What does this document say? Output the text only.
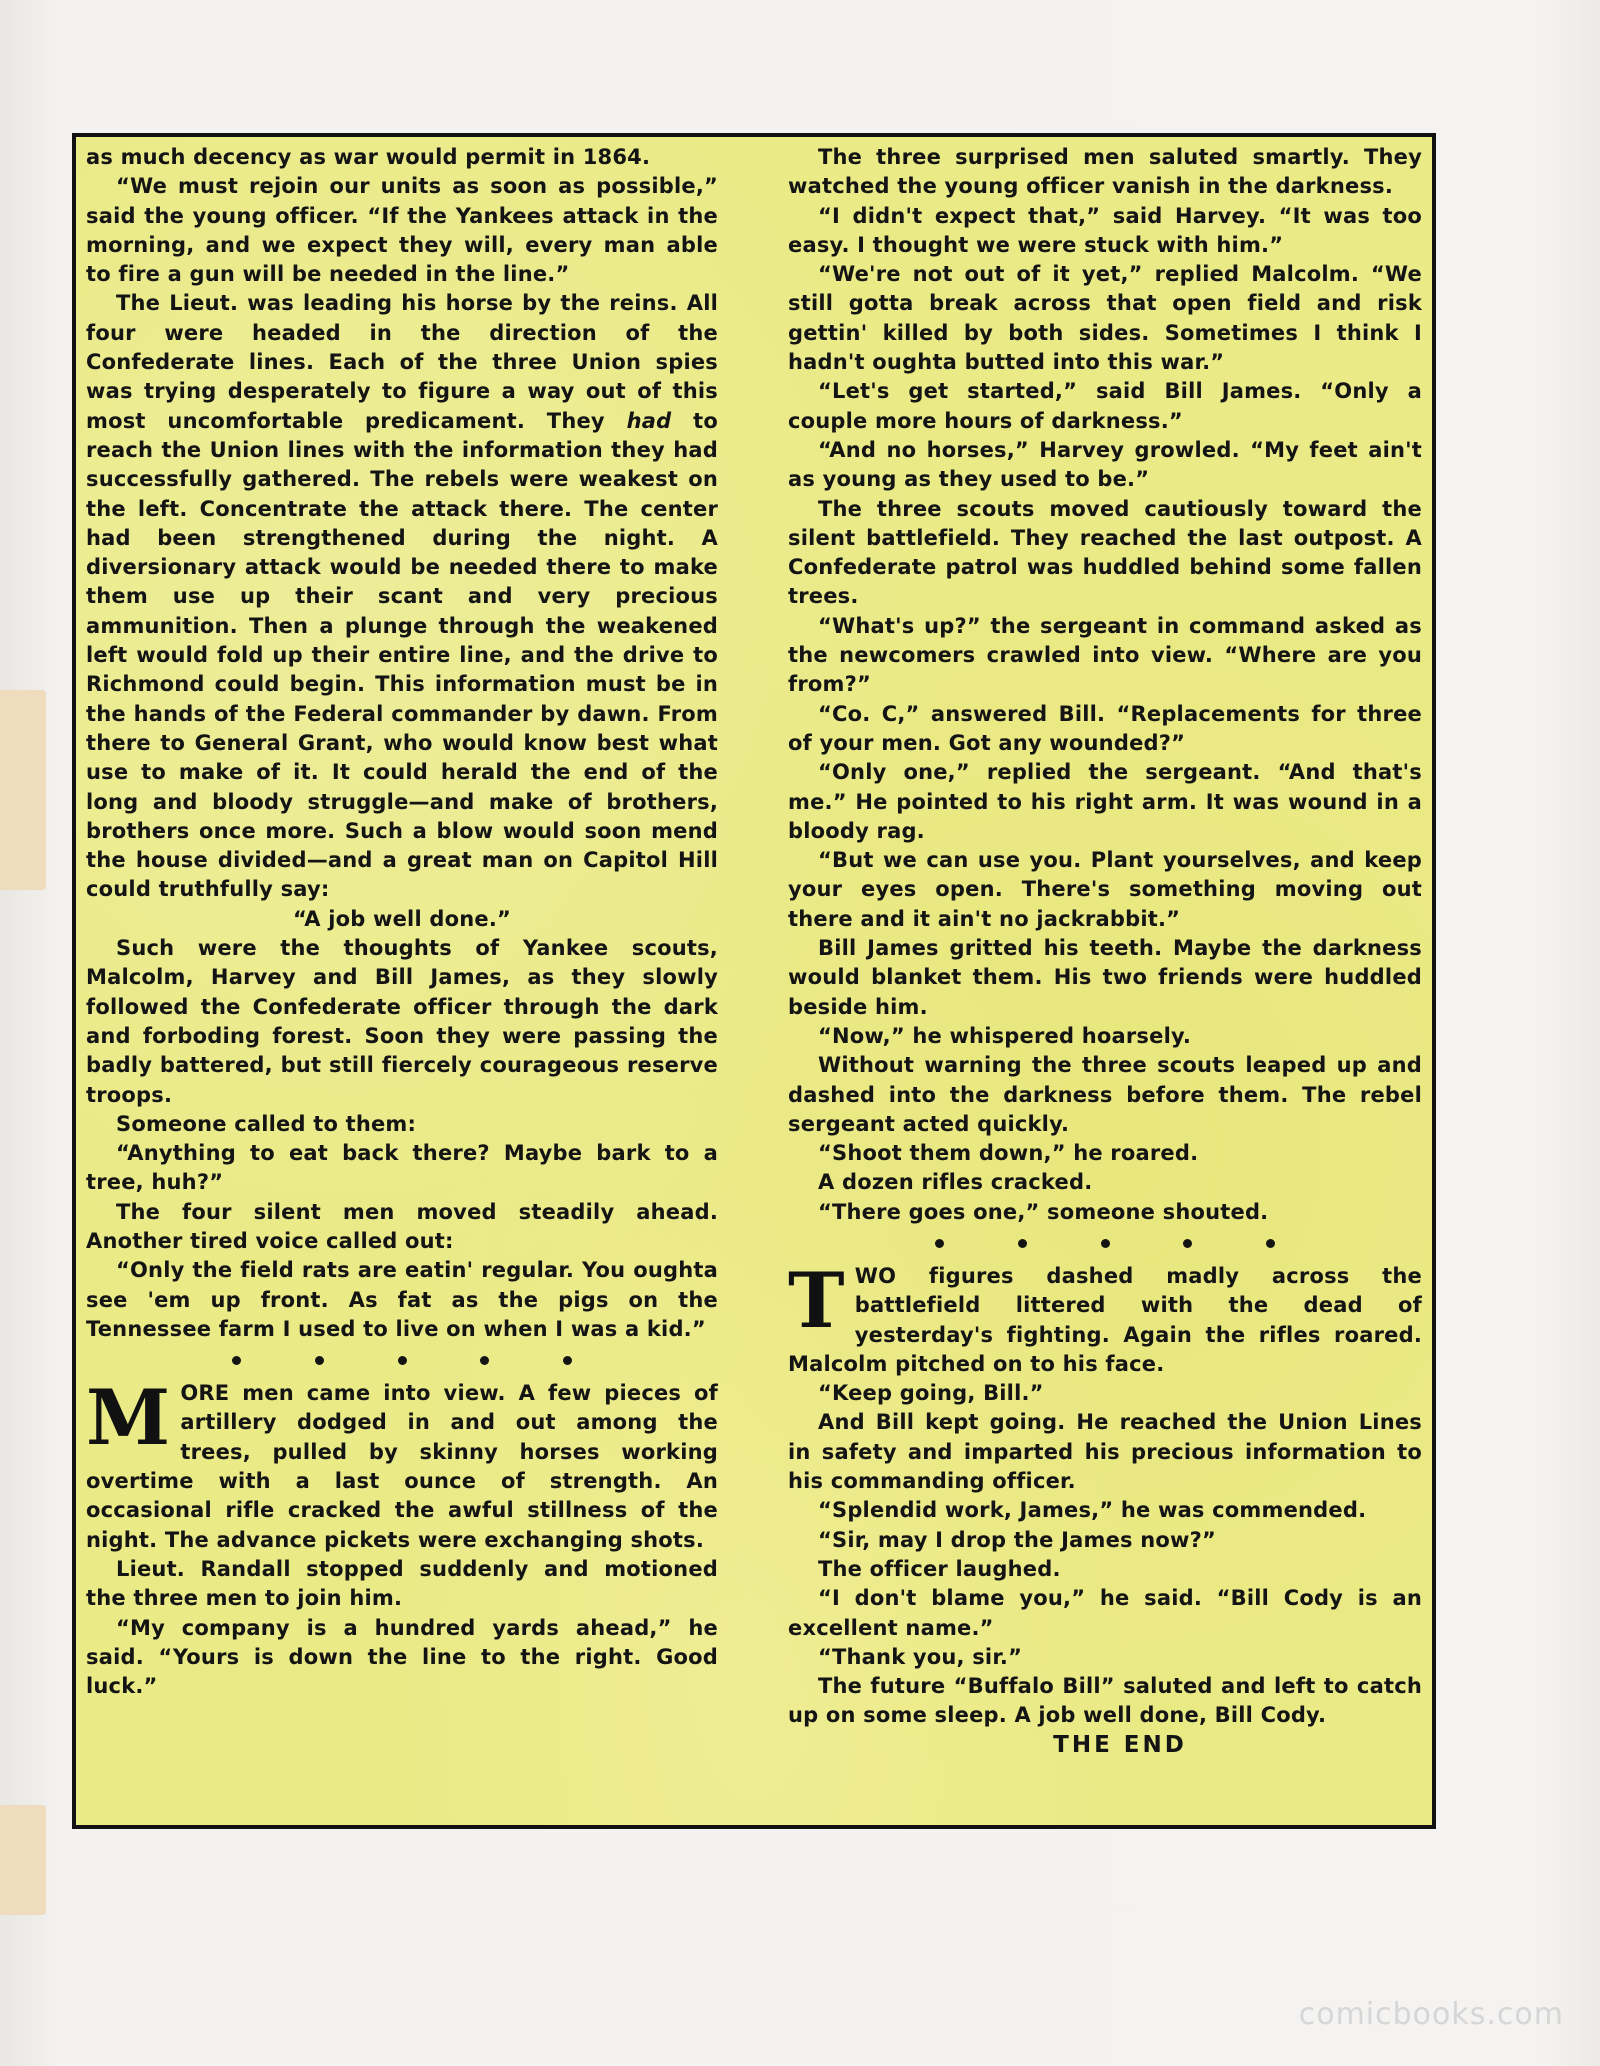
as much decency as war would permit in 1864.

“We must rejoin our units as soon as possible,” said the young officer. “If the Yankees attack in the morning, and we expect they will, every man able to fire a gun will be needed in the line.”

The Lieut. was leading his horse by the reins. All four were headed in the direction of the Confederate lines. Each of the three Union spies was trying desperately to figure a way out of this most uncomfortable predicament. They had to reach the Union lines with the information they had successfully gathered. The rebels were weakest on the left. Concentrate the attack there. The center had been strengthened during the night. A diversionary attack would be needed there to make them use up their scant and very precious ammunition. Then a plunge through the weakened left would fold up their entire line, and the drive to Richmond could begin. This information must be in the hands of the Federal commander by dawn. From there to General Grant, who would know best what use to make of it. It could herald the end of the long and bloody struggle—and make of brothers, brothers once more. Such a blow would soon mend the house divided—and a great man on Capitol Hill could truthfully say:

“A job well done.”

Such were the thoughts of Yankee scouts, Malcolm, Harvey and Bill James, as they slowly followed the Confederate officer through the dark and forboding forest. Soon they were passing the badly battered, but still fiercely courageous reserve troops.

Someone called to them:

“Anything to eat back there? Maybe bark to a tree, huh?”

The four silent men moved steadily ahead. Another tired voice called out:

“Only the field rats are eatin' regular. You oughta see 'em up front. As fat as the pigs on the Tennessee farm I used to live on when I was a kid.”

MORE men came into view. A few pieces of artillery dodged in and out among the trees, pulled by skinny horses working overtime with a last ounce of strength. An occasional rifle cracked the awful stillness of the night. The advance pickets were exchanging shots.

Lieut. Randall stopped suddenly and motioned the three men to join him.

“My company is a hundred yards ahead,” he said. “Yours is down the line to the right. Good luck.”

The three surprised men saluted smartly. They watched the young officer vanish in the darkness.

“I didn't expect that,” said Harvey. “It was too easy. I thought we were stuck with him.”

“We're not out of it yet,” replied Malcolm. “We still gotta break across that open field and risk gettin' killed by both sides. Sometimes I think I hadn't oughta butted into this war.”

“Let's get started,” said Bill James. “Only a couple more hours of darkness.”

“And no horses,” Harvey growled. “My feet ain't as young as they used to be.”

The three scouts moved cautiously toward the silent battlefield. They reached the last outpost. A Confederate patrol was huddled behind some fallen trees.

“What's up?” the sergeant in command asked as the newcomers crawled into view. “Where are you from?”

“Co. C,” answered Bill. “Replacements for three of your men. Got any wounded?”

“Only one,” replied the sergeant. “And that's me.” He pointed to his right arm. It was wound in a bloody rag.

“But we can use you. Plant yourselves, and keep your eyes open. There's something moving out there and it ain't no jackrabbit.”

Bill James gritted his teeth. Maybe the darkness would blanket them. His two friends were huddled beside him.

“Now,” he whispered hoarsely.

Without warning the three scouts leaped up and dashed into the darkness before them. The rebel sergeant acted quickly.

“Shoot them down,” he roared.

A dozen rifles cracked.

“There goes one,” someone shouted.

TWO figures dashed madly across the battlefield littered with the dead of yesterday's fighting. Again the rifles roared. Malcolm pitched on to his face.

“Keep going, Bill.”

And Bill kept going. He reached the Union Lines in safety and imparted his precious information to his commanding officer.

“Splendid work, James,” he was commended.

“Sir, may I drop the James now?”

The officer laughed.

“I don't blame you,” he said. “Bill Cody is an excellent name.”

“Thank you, sir.”

The future “Buffalo Bill” saluted and left to catch up on some sleep. A job well done, Bill Cody.

THE END

comicbooks.com
